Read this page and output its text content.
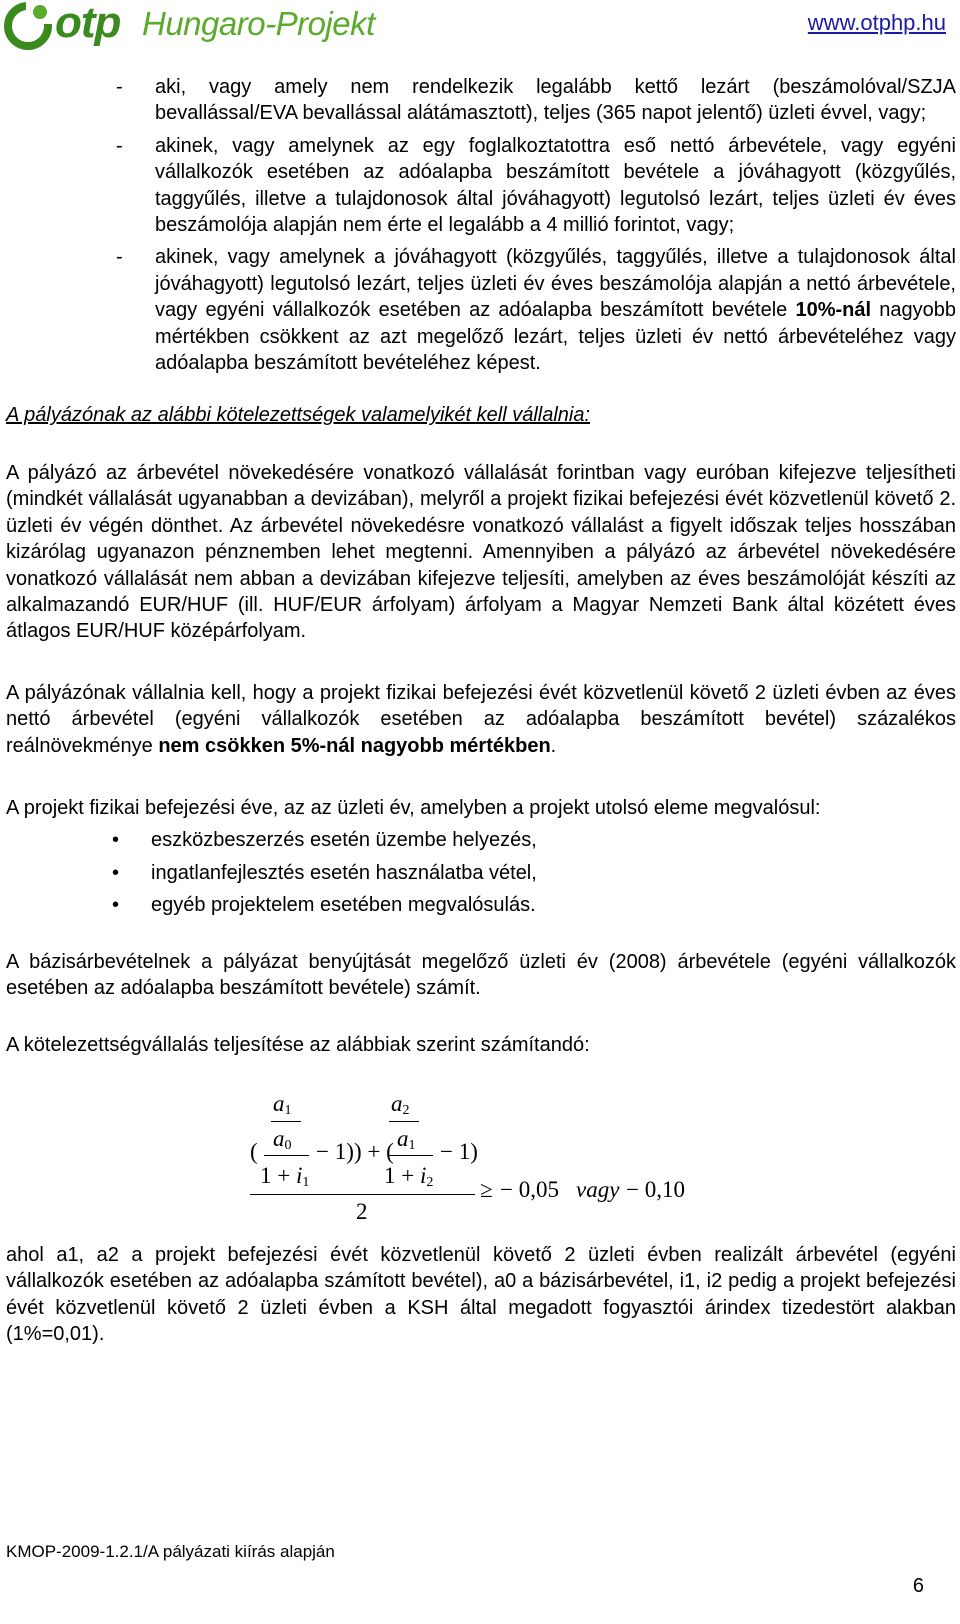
otp Hungaro-Projekt	www.otphp.hu
- aki, vagy amely nem rendelkezik legalább kettő lezárt (beszámolóval/SZJA bevallással/EVA bevallással alátámasztott), teljes (365 napot jelentő) üzleti évvel, vagy;
- akinek, vagy amelynek az egy foglalkoztatottra eső nettó árbevétele, vagy egyéni vállalkozók esetében az adóalapba beszámított bevétele a jóváhagyott (közgyűlés, taggyűlés, illetve a tulajdonosok által jóváhagyott) legutolsó lezárt, teljes üzleti év éves beszámolója alapján nem érte el legalább a 4 millió forintot, vagy;
- akinek, vagy amelynek a jóváhagyott (közgyűlés, taggyűlés, illetve a tulajdonosok által jóváhagyott) legutolsó lezárt, teljes üzleti év éves beszámolója alapján a nettó árbevétele, vagy egyéni vállalkozók esetében az adóalapba beszámított bevétele 10%-nál nagyobb mértékben csökkent az azt megelőző lezárt, teljes üzleti év nettó árbevételéhez vagy adóalapba beszámított bevételéhez képest.

A pályázónak az alábbi kötelezettségek valamelyikét kell vállalnia:

A pályázó az árbevétel növekedésére vonatkozó vállalását forintban vagy euróban kifejezve teljesítheti (mindkét vállalását ugyanabban a devizában), melyről a projekt fizikai befejezési évét közvetlenül követő 2. üzleti év végén dönthet. Az árbevétel növekedésre vonatkozó vállalást a figyelt időszak teljes hosszában kizárólag ugyanazon pénznemben lehet megtenni. Amennyiben a pályázó az árbevétel növekedésére vonatkozó vállalását nem abban a devizában kifejezve teljesíti, amelyben az éves beszámolóját készíti az alkalmazandó EUR/HUF (ill. HUF/EUR árfolyam) árfolyam a Magyar Nemzeti Bank által közétett éves átlagos EUR/HUF középárfolyam.

A pályázónak vállalnia kell, hogy a projekt fizikai befejezési évét közvetlenül követő 2 üzleti évben az éves nettó árbevétel (egyéni vállalkozók esetében az adóalapba beszámított bevétel) százalékos reálnövekménye nem csökken 5%-nál nagyobb mértékben.

A projekt fizikai befejezési éve, az az üzleti év, amelyben a projekt utolsó eleme megvalósul:

• eszközbeszerzés esetén üzembe helyezés,
• ingatlanfejlesztés esetén használatba vétel,
• egyéb projektelem esetében megvalósulás.

A bázisárbevételnek a pályázat benyújtását megelőző üzleti év (2008) árbevétele (egyéni vállalkozók esetében az adóalapba beszámított bevétele) számít.

A kötelezettségvállalás teljesítése az alábbiak szerint számítandó:

$a_1$	$a_2$
$a_0$	$a_1$
(	− 1) ) + ( − 1)
$1 + i_1$	$1 + i_2$
2
≥ − 0,05 vagy − 0,10

ahol a1, a2 a projekt befejezési évét közvetlenül követő 2 üzleti évben realizált árbevétel (egyéni vállalkozók esetében az adóalapba számított bevétel), a0 a bázisárbevétel, i1, i2 pedig a projekt befejezési évét közvetlenül követő 2 üzleti évben a KSH által megadott fogyasztói árindex tizedestört alakban (1%=0,01).

KMOP-2009-1.2.1/A pályázati kiírás alapján
6
